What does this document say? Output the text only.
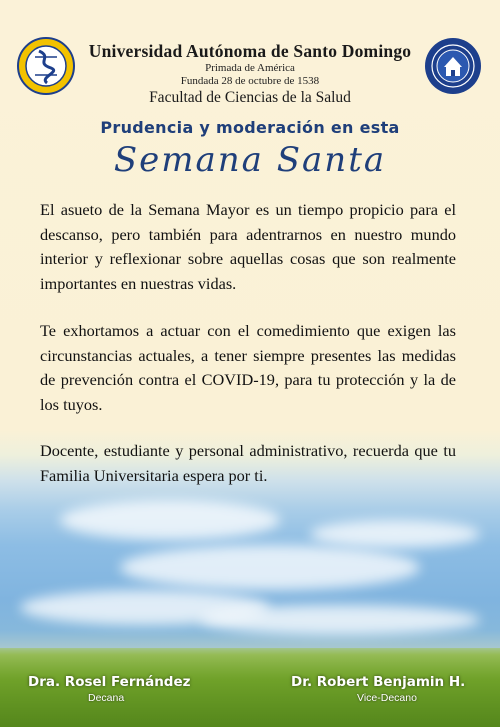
Universidad Autónoma de Santo Domingo
Primada de América
Fundada 28 de octubre de 1538
Facultad de Ciencias de la Salud
Prudencia y moderación en esta
Semana Santa

El asueto de la Semana Mayor es un tiempo propicio para el descanso, pero también para adentrarnos en nuestro mundo interior y reflexionar sobre aquellas cosas que son realmente importantes en nuestras vidas.

Te exhortamos a actuar con el comedimiento que exigen las circunstancias actuales, a tener siempre presentes las medidas de prevención contra el COVID-19, para tu protección y la de los tuyos.

Docente, estudiante y personal administrativo, recuerda que tu Familia Universitaria espera por ti.

Dra. Rosel Fernández
Decana
Dr. Robert Benjamin H.
Vice-Decano
